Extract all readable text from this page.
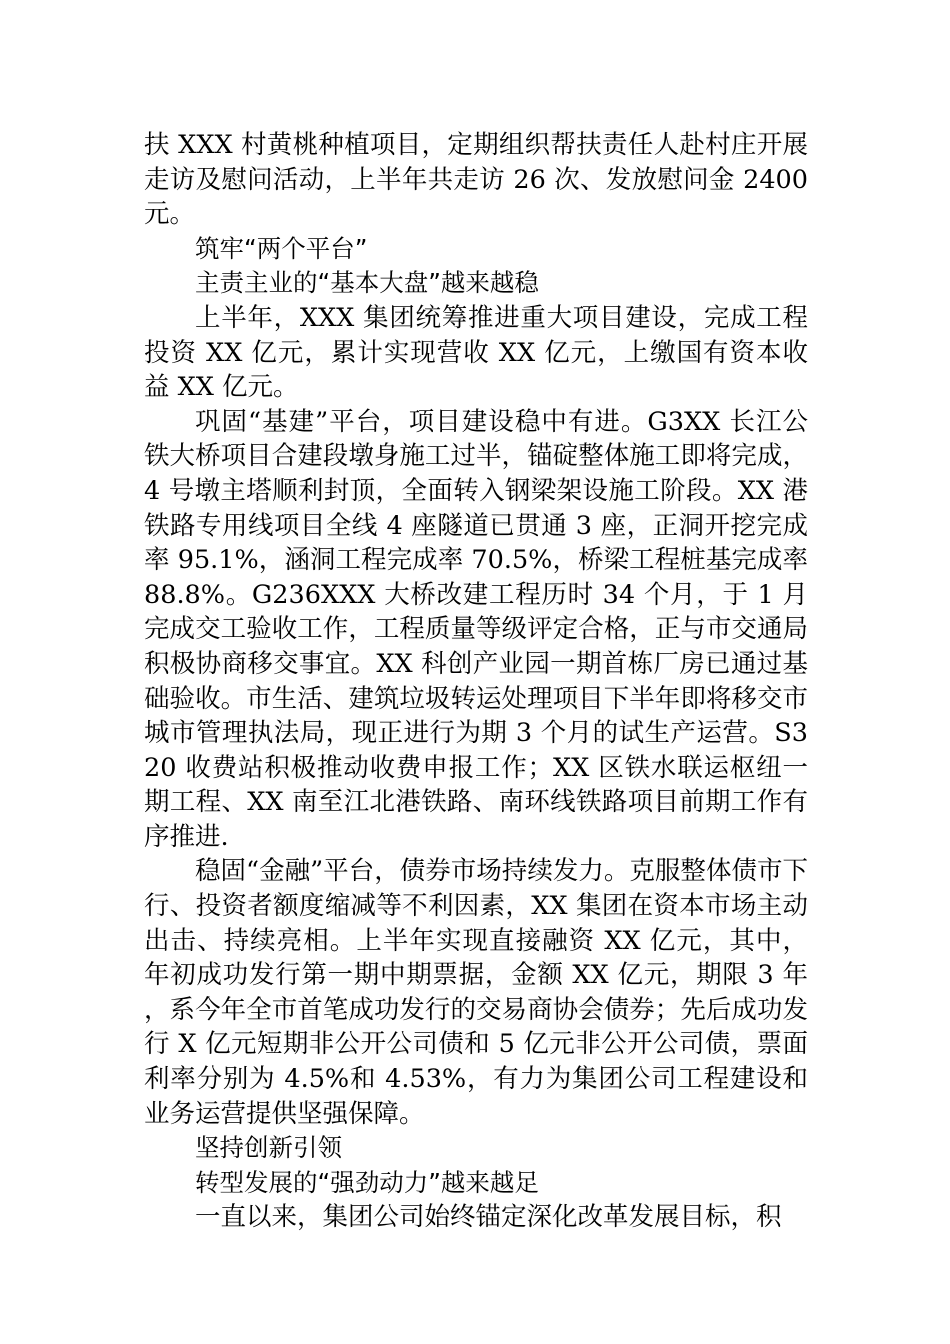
扶 XXX 村黄桃种植项目，定期组织帮扶责任人赴村庄开展走访及慰问活动，上半年共走访 26 次、发放慰问金 2400 元。

筑牢“两个平台”

主责主业的“基本大盘”越来越稳

上半年，XXX 集团统筹推进重大项目建设，完成工程投资 XX 亿元，累计实现营收 XX 亿元，上缴国有资本收益 XX 亿元。

巩固“基建”平台，项目建设稳中有进。G3XX 长江公铁大桥项目合建段墩身施工过半，锚碇整体施工即将完成，4 号墩主塔顺利封顶，全面转入钢梁架设施工阶段。XX 港铁路专用线项目全线 4 座隧道已贯通 3 座，正洞开挖完成率 95.1%，涵洞工程完成率 70.5%，桥梁工程桩基完成率 88.8%。G236XXX 大桥改建工程历时 34 个月，于 1 月完成交工验收工作，工程质量等级评定合格，正与市交通局积极协商移交事宜。XX 科创产业园一期首栋厂房已通过基础验收。市生活、建筑垃圾转运处理项目下半年即将移交市城市管理执法局，现正进行为期 3 个月的试生产运营。S320 收费站积极推动收费申报工作；XX 区铁水联运枢纽一期工程、XX 南至江北港铁路、南环线铁路项目前期工作有序推进.

稳固“金融”平台，债券市场持续发力。克服整体债市下行、投资者额度缩减等不利因素，XX 集团在资本市场主动出击、持续亮相。上半年实现直接融资 XX 亿元，其中，年初成功发行第一期中期票据，金额 XX 亿元，期限 3 年，系今年全市首笔成功发行的交易商协会债券；先后成功发行 X 亿元短期非公开公司债和 5 亿元非公开公司债，票面利率分别为 4.5%和 4.53%，有力为集团公司工程建设和业务运营提供坚强保障。

坚持创新引领

转型发展的“强劲动力”越来越足

一直以来，集团公司始终锚定深化改革发展目标，积
